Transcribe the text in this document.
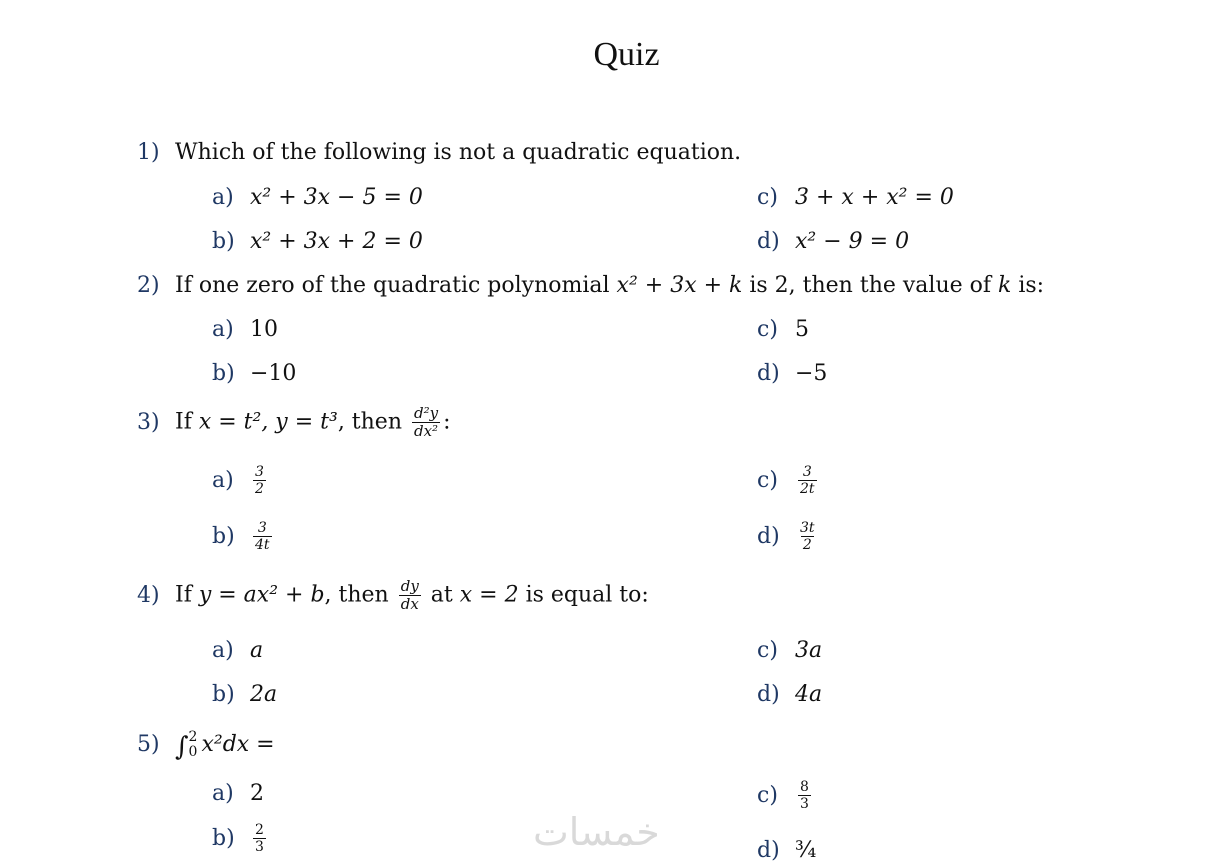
Quiz
1) Which of the following is not a quadratic equation.
a) x² + 3x − 5 = 0
b) x² + 3x + 2 = 0
c) 3 + x + x² = 0
d) x² − 9 = 0
2) If one zero of the quadratic polynomial x² + 3x + k is 2, then the value of k is:
a) 10
b) −10
c) 5
d) −5
3) If x = t², y = t³, then $\frac{\text{d²y}}{\text{dx²}}$ :
$a) \frac{3}{2}$
$b) \frac{3}{4t}$
$c) \frac{3}{2t}$
$d) \frac{3t}{2}$
4) If y = ax² + b, then $\frac{dy}{dx}$ at x = 2 is equal to:
a) a
b) 2a
c) 3a
d) 4a
5) ∫ 2
0 x²dx =
a) 2
$b) \frac{2}{3}$
$c) \frac{8}{3}$
d) ¾
خمسات
